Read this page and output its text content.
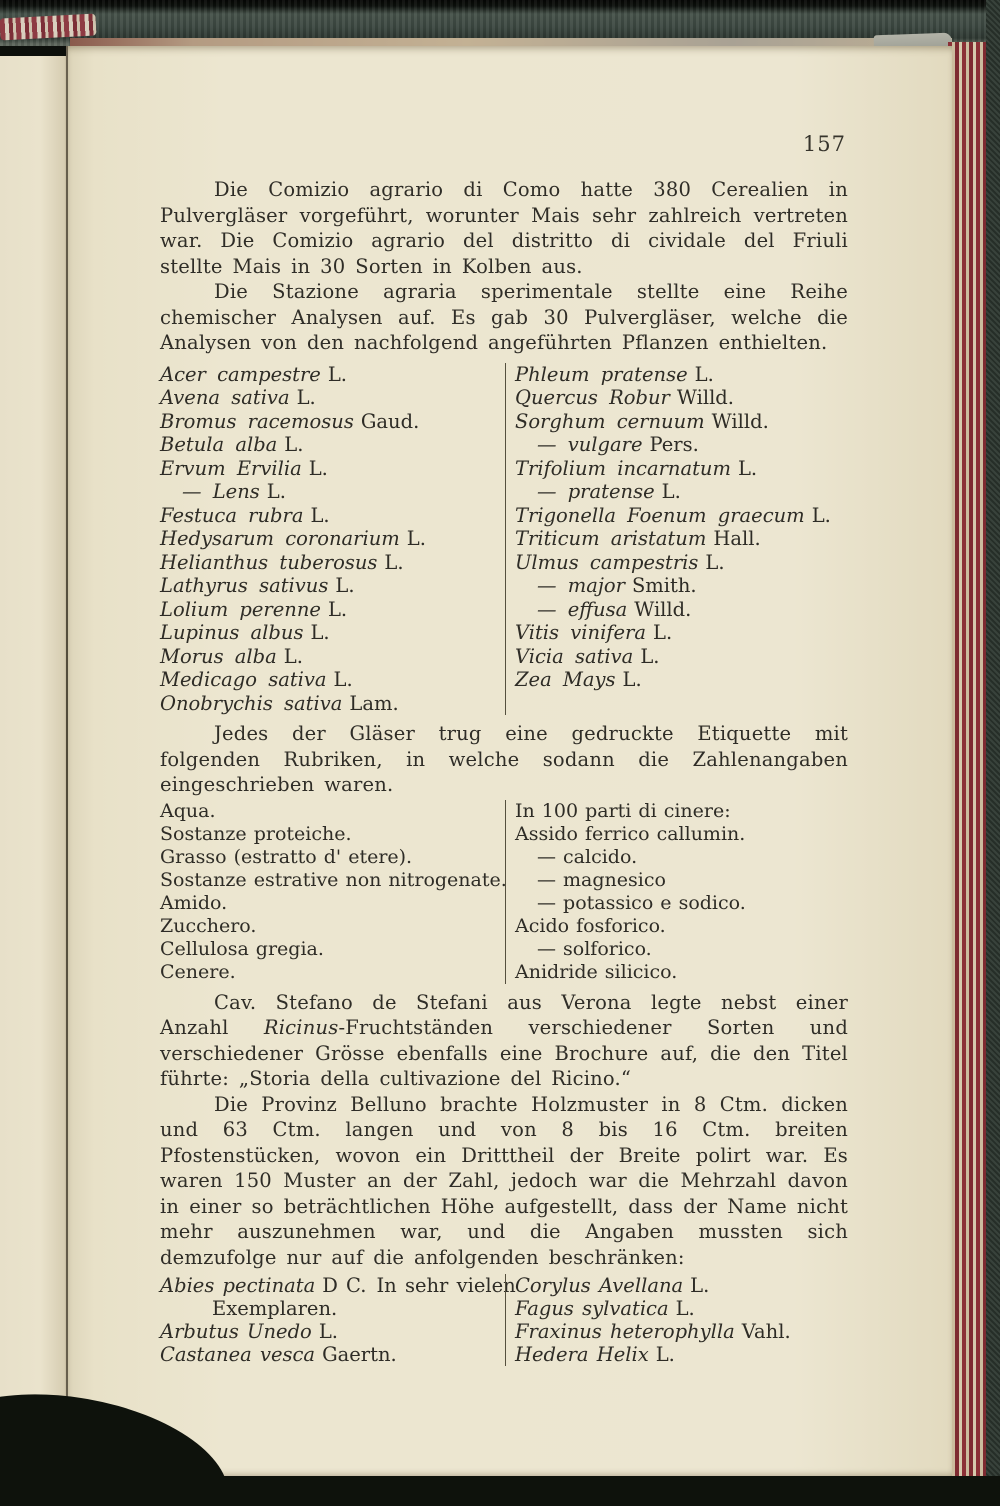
157

Die Comizio agrario di Como hatte 380 Cerealien in Pulvergläser vorgeführt, worunter Mais sehr zahlreich vertreten war. Die Comizio agrario del distritto di cividale del Friuli stellte Mais in 30 Sorten in Kolben aus.

Die Stazione agraria sperimentale stellte eine Reihe chemischer Analysen auf. Es gab 30 Pulvergläser, welche die Analysen von den nachfolgend angeführten Pflanzen enthielten.

Acer campestre L.
Avena sativa L.
Bromus racemosus Gaud.
Betula alba L.
Ervum Ervilia L.
— Lens L.
Festuca rubra L.
Hedysarum coronarium L.
Helianthus tuberosus L.
Lathyrus sativus L.
Lolium perenne L.
Lupinus albus L.
Morus alba L.
Medicago sativa L.
Onobrychis sativa Lam.
Phleum pratense L.
Quercus Robur Willd.
Sorghum cernuum Willd.
— vulgare Pers.
Trifolium incarnatum L.
— pratense L.
Trigonella Foenum graecum L.
Triticum aristatum Hall.
Ulmus campestris L.
— major Smith.
— effusa Willd.
Vitis vinifera L.
Vicia sativa L.
Zea Mays L.

Jedes der Gläser trug eine gedruckte Etiquette mit folgenden Rubriken, in welche sodann die Zahlenangaben eingeschrieben waren.

Aqua.
Sostanze proteiche.
Grasso (estratto d' etere).
Sostanze estrative non nitrogenate.
Amido.
Zucchero.
Cellulosa gregia.
Cenere.
In 100 parti di cinere:
Assido ferrico callumin.
— calcido.
— magnesico
— potassico e sodico.
Acido fosforico.
— solforico.
Anidride silicico.

Cav. Stefano de Stefani aus Verona legte nebst einer Anzahl Ricinus-Fruchtständen verschiedener Sorten und verschiedener Grösse ebenfalls eine Brochure auf, die den Titel führte: „Storia della cultivazione del Ricino.“

Die Provinz Belluno brachte Holzmuster in 8 Ctm. dicken und 63 Ctm. langen und von 8 bis 16 Ctm. breiten Pfostenstücken, wovon ein Dritttheil der Breite polirt war. Es waren 150 Muster an der Zahl, jedoch war die Mehrzahl davon in einer so beträchtlichen Höhe aufgestellt, dass der Name nicht mehr auszunehmen war, und die Angaben mussten sich demzufolge nur auf die anfolgenden beschränken:

Abies pectinata D C. In sehr vielen
Exemplaren.
Arbutus Unedo L.
Castanea vesca Gaertn.
Corylus Avellana L.
Fagus sylvatica L.
Fraxinus heterophylla Vahl.
Hedera Helix L.
